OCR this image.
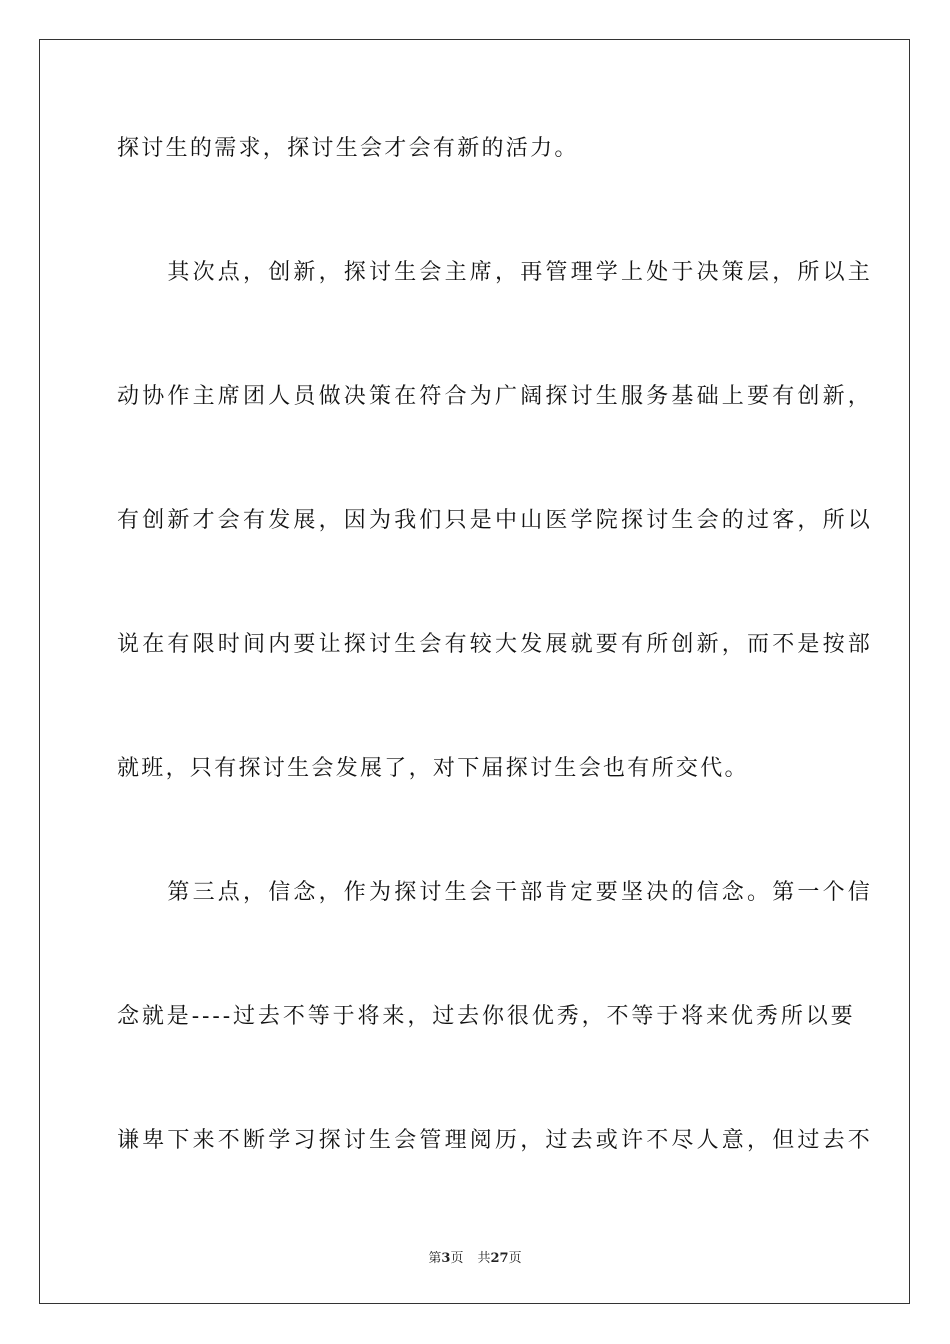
探讨生的需求，探讨生会才会有新的活力。
　　其次点，创新，探讨生会主席，再管理学上处于决策层，所以主
动协作主席团人员做决策在符合为广阔探讨生服务基础上要有创新，
有创新才会有发展，因为我们只是中山医学院探讨生会的过客，所以
说在有限时间内要让探讨生会有较大发展就要有所创新，而不是按部
就班，只有探讨生会发展了，对下届探讨生会也有所交代。
　　第三点，信念，作为探讨生会干部肯定要坚决的信念。第一个信
念就是----过去不等于将来，过去你很优秀，不等于将来优秀所以要
谦卑下来不断学习探讨生会管理阅历，过去或许不尽人意，但过去不
第3页 共27页
